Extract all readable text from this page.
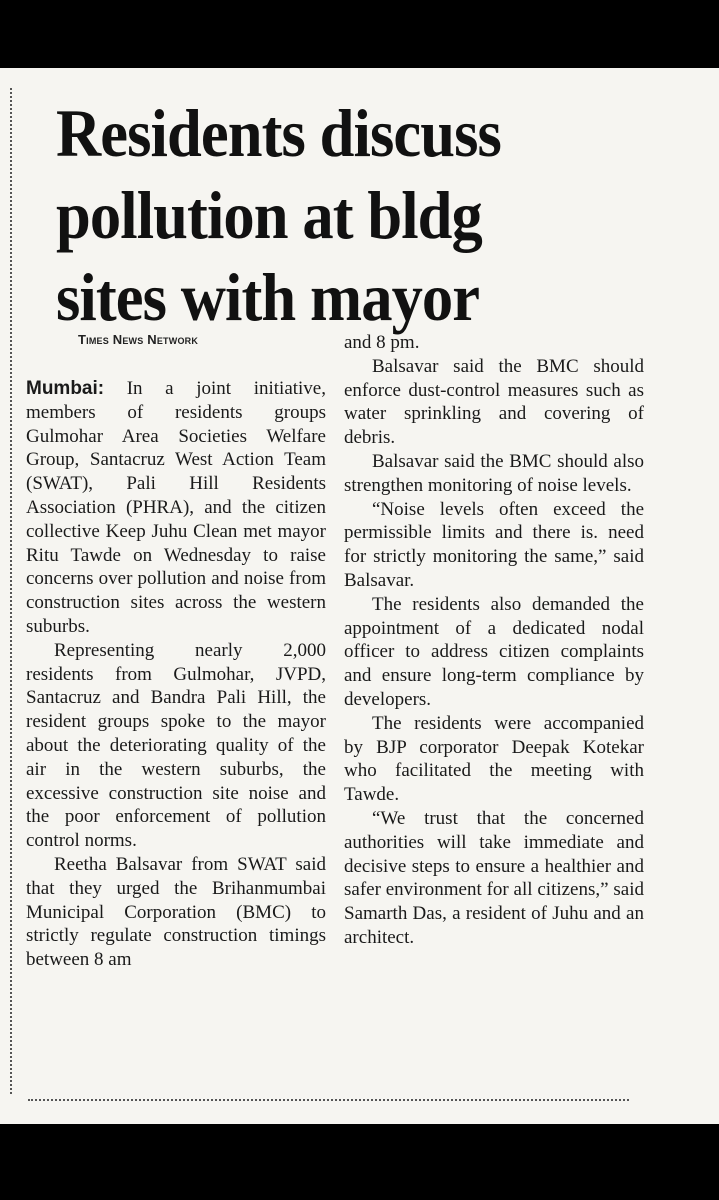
Residents discuss
pollution at bldg
sites with mayor
Times News Network

Mumbai: In a joint initiative, members of residents groups Gulmohar Area Societies Welfare Group, Santacruz West Action Team (SWAT), Pali Hill Residents Association (PHRA), and the citizen collective Keep Juhu Clean met mayor Ritu Tawde on Wednesday to raise concerns over pollution and noise from construction sites across the western suburbs.

Representing nearly 2,000 residents from Gulmohar, JVPD, Santacruz and Bandra Pali Hill, the resident groups spoke to the mayor about the deteriorating quality of the air in the western suburbs, the excessive construction site noise and the poor enforcement of pollution control norms.

Reetha Balsavar from SWAT said that they urged the Brihanmumbai Municipal Corporation (BMC) to strictly regulate construction timings between 8 am

and 8 pm.

Balsavar said the BMC should enforce dust-control measures such as water sprinkling and covering of debris.

Balsavar said the BMC should also strengthen monitoring of noise levels.

“Noise levels often exceed the permissible limits and there is. need for strictly monitoring the same,” said Balsavar.

The residents also demanded the appointment of a dedicated nodal officer to address citizen complaints and ensure long-term compliance by developers.

The residents were accompanied by BJP corporator Deepak Kotekar who facilitated the meeting with Tawde.

“We trust that the concerned authorities will take immediate and decisive steps to ensure a healthier and safer environment for all citizens,” said Samarth Das, a resident of Juhu and an architect.
